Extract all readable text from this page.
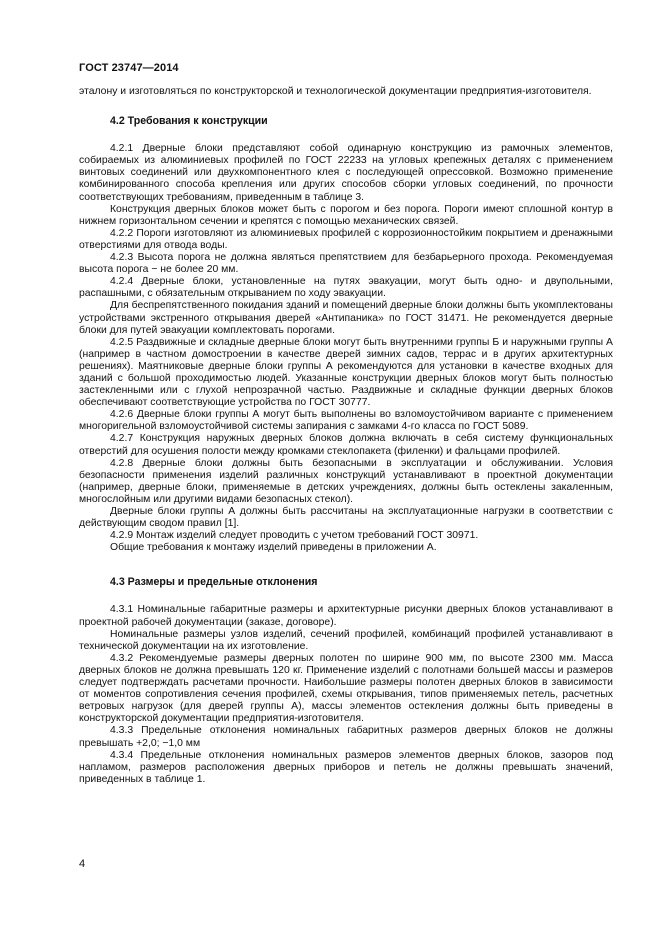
ГОСТ 23747—2014

эталону и изготовляться по конструкторской и технологической документации предприятия-изготовителя.

4.2 Требования к конструкции

4.2.1 Дверные блоки представляют собой одинарную конструкцию из рамочных элементов, собираемых из алюминиевых профилей по ГОСТ 22233 на угловых крепежных деталях с применением винтовых соединений или двухкомпонентного клея с последующей опрессовкой. Возможно применение комбинированного способа крепления или других способов сборки угловых соединений, по прочности соответствующих требованиям, приведенным в таблице 3.

Конструкция дверных блоков может быть с порогом и без порога. Пороги имеют сплошной контур в нижнем горизонтальном сечении и крепятся с помощью механических связей.

4.2.2 Пороги изготовляют из алюминиевых профилей с коррозионностойким покрытием и дренажными отверстиями для отвода воды.

4.2.3 Высота порога не должна являться препятствием для безбарьерного прохода. Рекомендуемая высота порога − не более 20 мм.

4.2.4 Дверные блоки, установленные на путях эвакуации, могут быть одно- и двупольными, распашными, с обязательным открыванием по ходу эвакуации.

Для беспрепятственного покидания зданий и помещений дверные блоки должны быть укомплектованы устройствами экстренного открывания дверей «Антипаника» по ГОСТ 31471. Не рекомендуется дверные блоки для путей эвакуации комплектовать порогами.

4.2.5 Раздвижные и складные дверные блоки могут быть внутренними группы Б и наружными группы А (например в частном домостроении в качестве дверей зимних садов, террас и в других архитектурных решениях). Маятниковые дверные блоки группы А рекомендуются для установки в качестве входных для зданий с большой проходимостью людей. Указанные конструкции дверных блоков могут быть полностью застекленными или с глухой непрозрачной частью. Раздвижные и складные функции дверных блоков обеспечивают соответствующие устройства по ГОСТ 30777.

4.2.6 Дверные блоки группы А могут быть выполнены во взломоустойчивом варианте с применением многоригельной взломоустойчивой системы запирания с замками 4-го класса по ГОСТ 5089.

4.2.7 Конструкция наружных дверных блоков должна включать в себя систему функциональных отверстий для осушения полости между кромками стеклопакета (филенки) и фальцами профилей.

4.2.8 Дверные блоки должны быть безопасными в эксплуатации и обслуживании. Условия безопасности применения изделий различных конструкций устанавливают в проектной документации (например, дверные блоки, применяемые в детских учреждениях, должны быть остеклены закаленным, многослойным или другими видами безопасных стекол).

Дверные блоки группы А должны быть рассчитаны на эксплуатационные нагрузки в соответствии с действующим сводом правил [1].

4.2.9 Монтаж изделий следует проводить с учетом требований ГОСТ 30971.

Общие требования к монтажу изделий приведены в приложении А.

4.3 Размеры и предельные отклонения

4.3.1 Номинальные габаритные размеры и архитектурные рисунки дверных блоков устанавливают в проектной рабочей документации (заказе, договоре).

Номинальные размеры узлов изделий, сечений профилей, комбинаций профилей устанавливают в технической документации на их изготовление.

4.3.2 Рекомендуемые размеры дверных полотен по ширине 900 мм, по высоте 2300 мм. Масса дверных блоков не должна превышать 120 кг. Применение изделий с полотнами большей массы и размеров следует подтверждать расчетами прочности. Наибольшие размеры полотен дверных блоков в зависимости от моментов сопротивления сечения профилей, схемы открывания, типов применяемых петель, расчетных ветровых нагрузок (для дверей группы А), массы элементов остекления должны быть приведены в конструкторской документации предприятия-изготовителя.

4.3.3 Предельные отклонения номинальных габаритных размеров дверных блоков не должны превышать +2,0; −1,0 мм

4.3.4 Предельные отклонения номинальных размеров элементов дверных блоков, зазоров под напламом, размеров расположения дверных приборов и петель не должны превышать значений, приведенных в таблице 1.

4
